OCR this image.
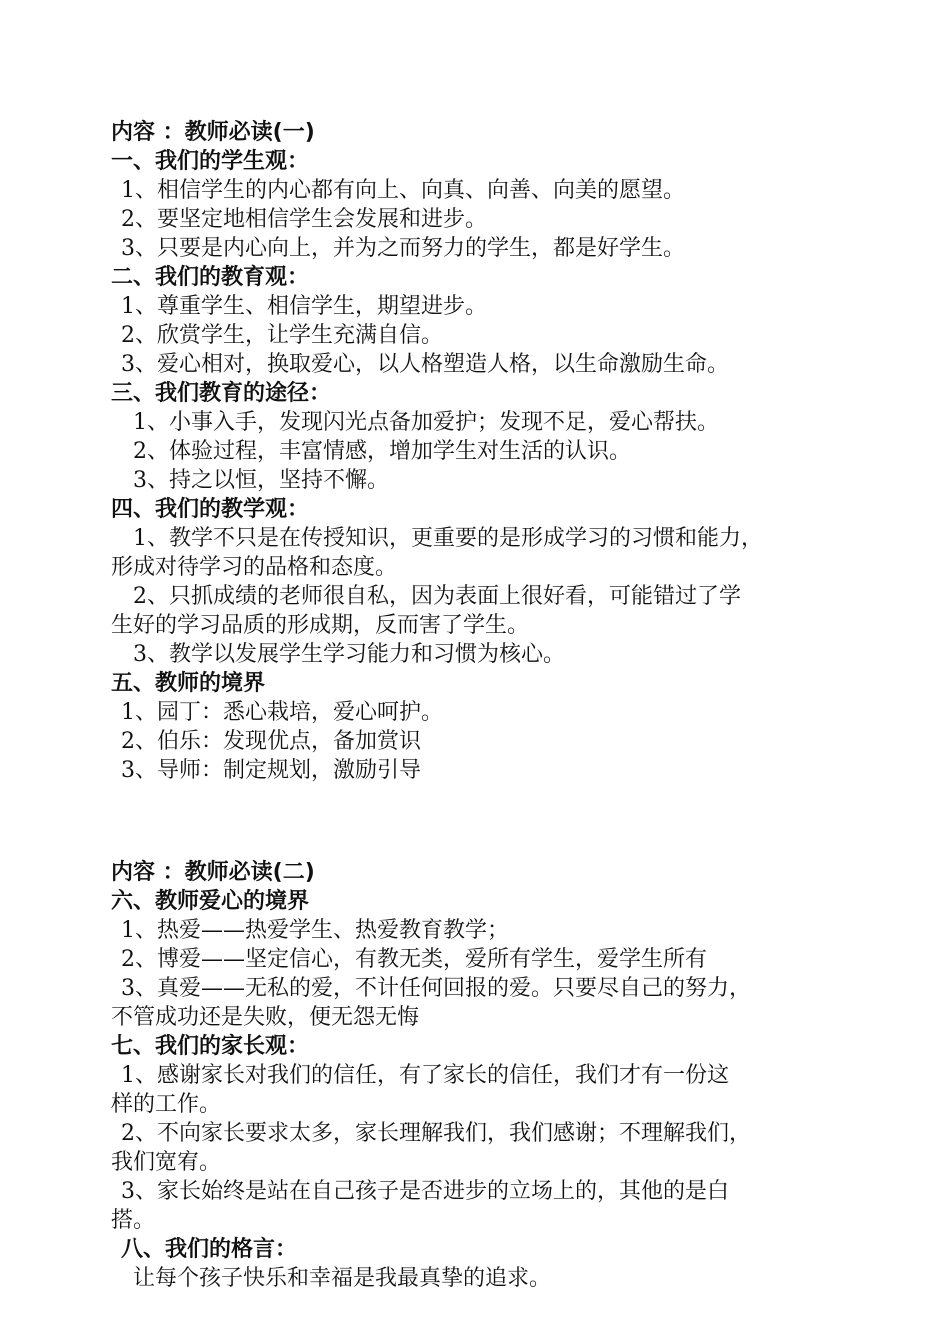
内容 ：教师必读(一)

一、我们的学生观：

1、相信学生的内心都有向上、向真、向善、向美的愿望。

2、要坚定地相信学生会发展和进步。

3、只要是内心向上，并为之而努力的学生，都是好学生。

二、我们的教育观：

1、尊重学生、相信学生，期望进步。

2、欣赏学生，让学生充满自信。

3、爱心相对，换取爱心，以人格塑造人格，以生命激励生命。

三、我们教育的途径：

1、小事入手，发现闪光点备加爱护；发现不足，爱心帮扶。

2、体验过程，丰富情感，增加学生对生活的认识。

3、持之以恒，坚持不懈。

四、我们的教学观：

1、教学不只是在传授知识，更重要的是形成学习的习惯和能力，

形成对待学习的品格和态度。

2、只抓成绩的老师很自私，因为表面上很好看，可能错过了学

生好的学习品质的形成期，反而害了学生。

3、教学以发展学生学习能力和习惯为核心。

五、教师的境界

1、园丁：悉心栽培，爱心呵护。

2、伯乐：发现优点，备加赏识

3、导师：制定规划，激励引导

内容 ：教师必读(二)

六、教师爱心的境界

1、热爱——热爱学生、热爱教育教学；

2、博爱——坚定信心，有教无类，爱所有学生，爱学生所有

3、真爱——无私的爱，不计任何回报的爱。只要尽自己的努力，

不管成功还是失败，便无怨无悔

七、我们的家长观：

1、感谢家长对我们的信任，有了家长的信任，我们才有一份这

样的工作。

2、不向家长要求太多，家长理解我们，我们感谢；不理解我们，

我们宽宥。

3、家长始终是站在自己孩子是否进步的立场上的，其他的是白

搭。

八、我们的格言：

让每个孩子快乐和幸福是我最真挚的追求。
